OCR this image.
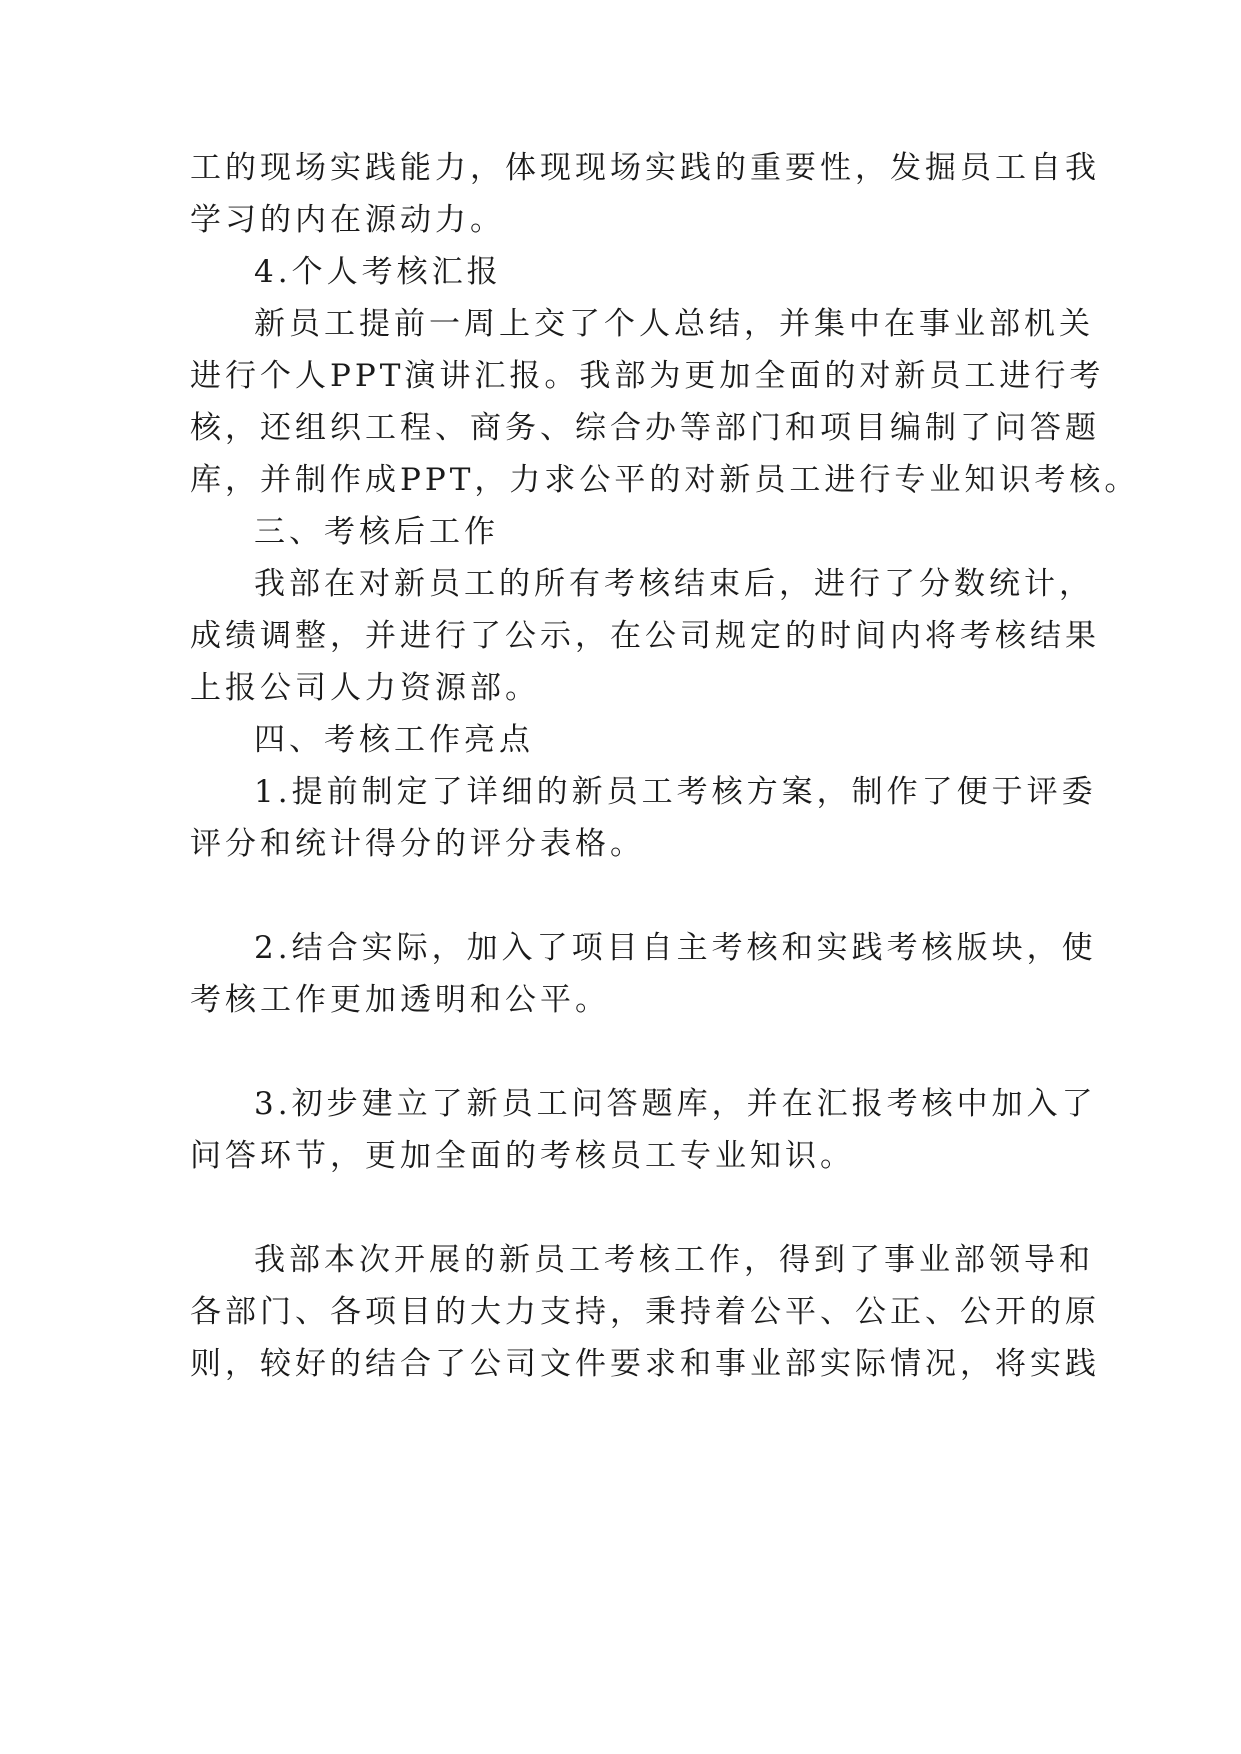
工的现场实践能力，体现现场实践的重要性，发掘员工自我
学习的内在源动力。
4.个人考核汇报
新员工提前一周上交了个人总结，并集中在事业部机关
进行个人PPT演讲汇报。我部为更加全面的对新员工进行考
核，还组织工程、商务、综合办等部门和项目编制了问答题
库，并制作成PPT，力求公平的对新员工进行专业知识考核。
三、考核后工作
我部在对新员工的所有考核结束后，进行了分数统计，
成绩调整，并进行了公示，在公司规定的时间内将考核结果
上报公司人力资源部。
四、考核工作亮点
1.提前制定了详细的新员工考核方案，制作了便于评委
评分和统计得分的评分表格。
2.结合实际，加入了项目自主考核和实践考核版块，使
考核工作更加透明和公平。
3.初步建立了新员工问答题库，并在汇报考核中加入了
问答环节，更加全面的考核员工专业知识。
我部本次开展的新员工考核工作，得到了事业部领导和
各部门、各项目的大力支持，秉持着公平、公正、公开的原
则，较好的结合了公司文件要求和事业部实际情况，将实践
